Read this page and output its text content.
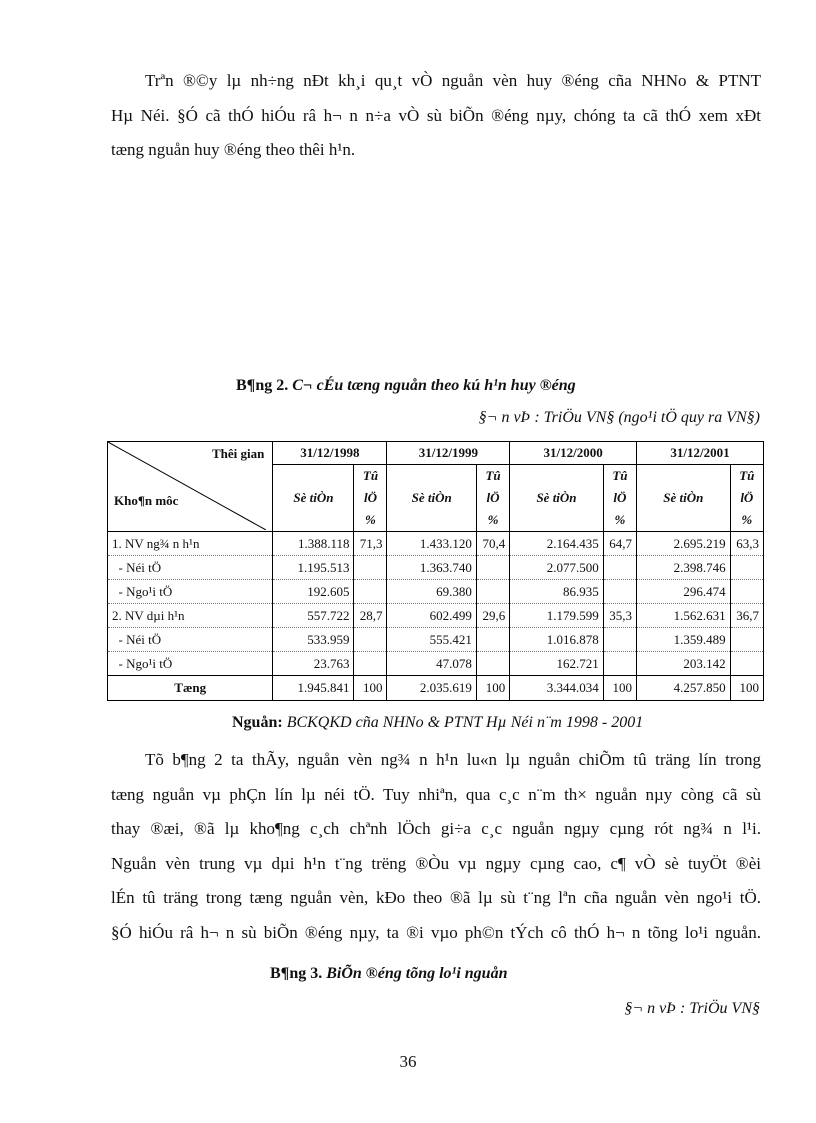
Trªn ®©y lµ nh÷ng nÐt kh¸i qu¸t vÒ nguån vèn huy ®éng cña NHNo & PTNT
Hµ Néi. §Ó cã thÓ hiÓu râ h¬ n n÷a vÒ sù biÕn ®éng nµy, chóng ta cã thÓ xem xÐt
tæng nguån huy ®éng theo thêi h¹n.
B¶ng 2. C¬ cÉu tæng nguån theo kú h¹n huy ®éng
§¬ n vÞ : TriÖu VN§ (ngo¹i tÖ quy ra VN§)
Thêi gian
Kho¶n môc	31/12/1998		31/12/1999		31/12/2000		31/12/2001	
	Sè tiÒn	Tû
lÖ
%	Sè tiÒn	Tû
lÖ
%	Sè tiÒn	Tû
lÖ
%	Sè tiÒn	Tû
lÖ
%
1. NV ng¾ n h¹n	1.388.118	71,3	1.433.120	70,4	2.164.435	64,7	2.695.219	63,3
- Néi tÖ	1.195.513		1.363.740		2.077.500		2.398.746	
- Ngo¹i tÖ	192.605		69.380		86.935		296.474	
2. NV dµi h¹n	557.722	28,7	602.499	29,6	1.179.599	35,3	1.562.631	36,7
- Néi tÖ	533.959		555.421		1.016.878		1.359.489	
- Ngo¹i tÖ	23.763		47.078		162.721		203.142	
Tæng	1.945.841	100	2.035.619	100	3.344.034	100	4.257.850	100
Nguån: BCKQKD cña NHNo & PTNT Hµ Néi n¨m 1998 - 2001
Tõ b¶ng 2 ta thÃy, nguån vèn ng¾ n h¹n lu«n lµ nguån chiÕm tû träng lín trong
tæng nguån vµ phÇn lín lµ néi tÖ. Tuy nhiªn, qua c¸c n¨m th× nguån nµy còng cã sù
thay ®æi, ®ã lµ kho¶ng c¸ch chªnh lÖch gi÷a c¸c nguån ngµy cµng rót ng¾ n l¹i.
Nguån vèn trung vµ dµi h¹n t¨ng trëng ®Òu vµ ngµy cµng cao, c¶ vÒ sè tuyÖt ®èi
lÉn tû träng trong tæng nguån vèn, kÐo theo ®ã lµ sù t¨ng lªn cña nguån vèn ngo¹i tÖ.
§Ó hiÓu râ h¬ n sù biÕn ®éng nµy, ta ®i vµo ph©n tÝch cô thÓ h¬ n tõng lo¹i nguån.
B¶ng 3. BiÕn ®éng tõng lo¹i nguån
§¬ n vÞ : TriÖu VN§
36
